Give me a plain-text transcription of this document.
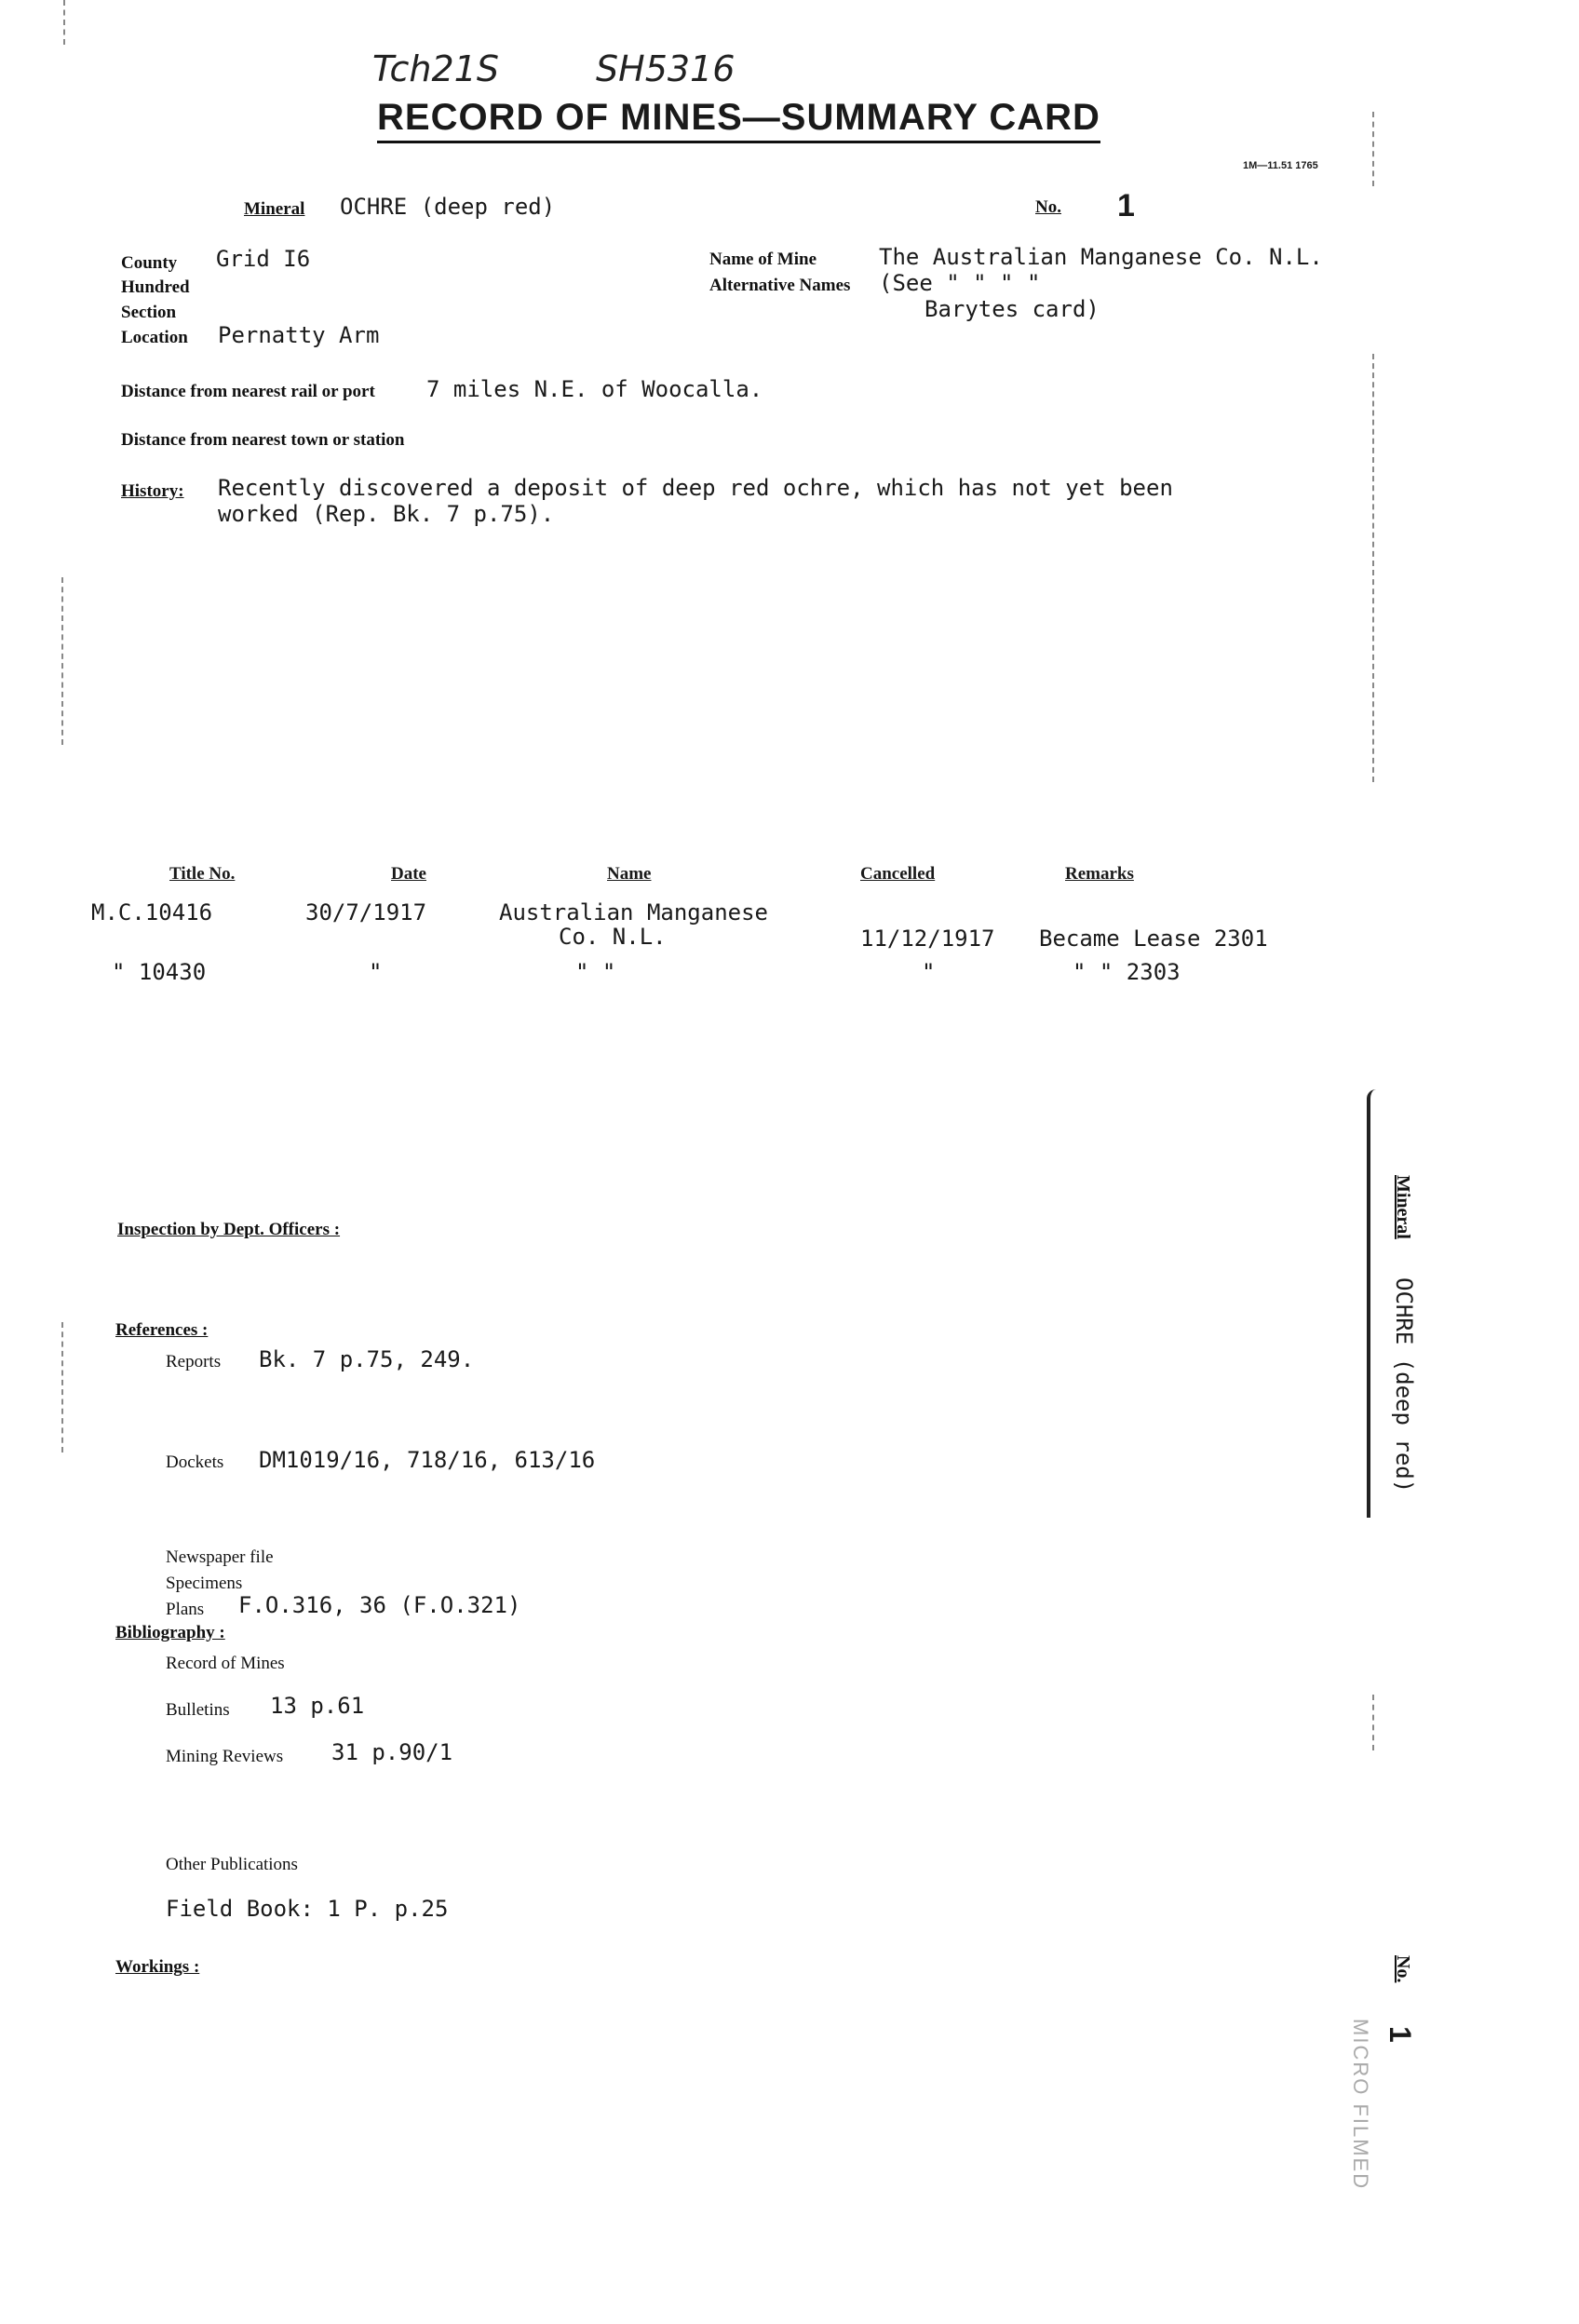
Tch21S	SH5316
RECORD OF MINES—SUMMARY CARD
1M—11.51 1765
Mineral OCHRE (deep red)	No. 1
County Grid I6
Hundred
Section
Location Pernatty Arm
Name of Mine	The Australian Manganese Co. N.L.
Alternative Names (See " " " "
Barytes card)
Distance from nearest rail or port 7 miles N.E. of Woocalla.
Distance from nearest town or station
History: Recently discovered a deposit of deep red ochre, which has not yet been
worked (Rep. Bk. 7 p.75).
Title No.	Date	Name	Cancelled	Remarks
M.C.10416	30/7/1917	Australian Manganese
Co. N.L.	11/12/1917 Became Lease 2301
" 10430	"	" "	"	" " 2303
Inspection by Dept. Officers :
References :
Reports Bk. 7 p.75, 249.
Dockets DM1019/16, 718/16, 613/16
Newspaper file
Specimens
Plans F.O.316, 36 (F.O.321)
Bibliography :
Record of Mines
Bulletins 13 p.61
Mining Reviews 31 p.90/1
Other Publications
Field Book: 1 P. p.25
Workings :
Mineral
OCHRE (deep red)
No.
1
MICRO FILMED
